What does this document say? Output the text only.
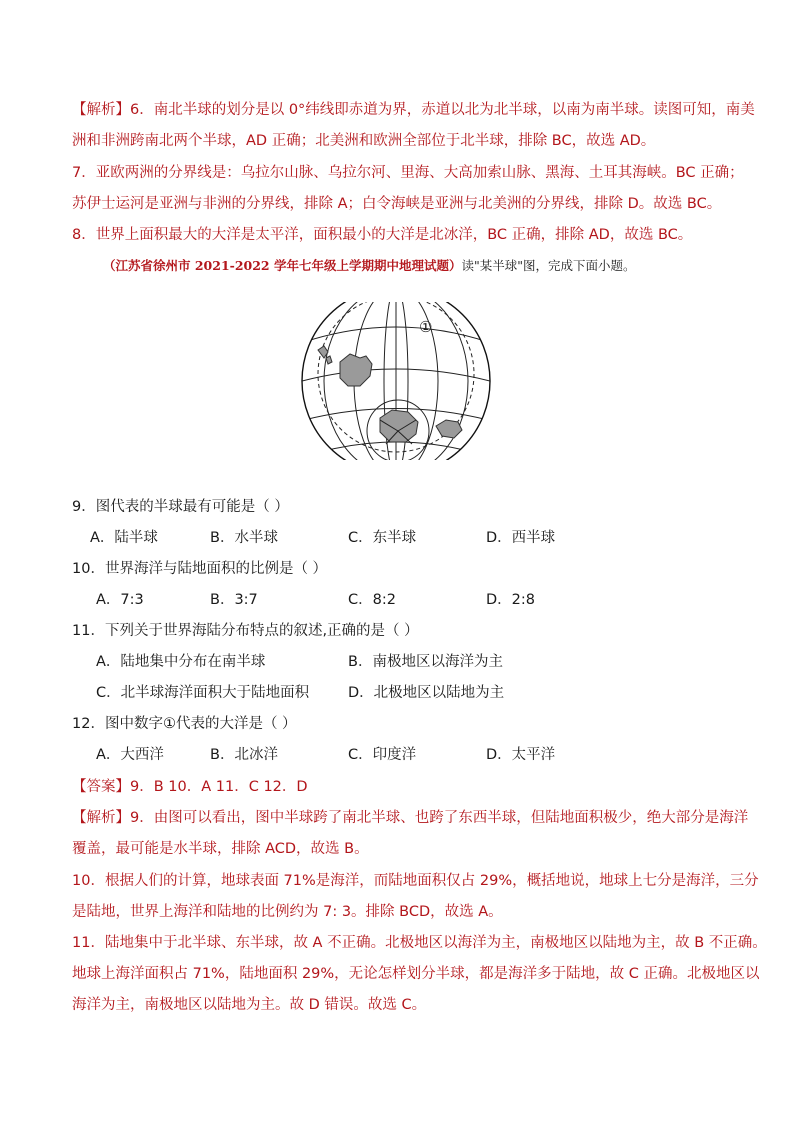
【解析】6．南北半球的划分是以 0°纬线即赤道为界，赤道以北为北半球，以南为南半球。读图可知，南美
洲和非洲跨南北两个半球，AD 正确；北美洲和欧洲全部位于北半球，排除 BC，故选 AD。
7．亚欧两洲的分界线是：乌拉尔山脉、乌拉尔河、里海、大高加索山脉、黑海、土耳其海峡。BC 正确；
苏伊士运河是亚洲与非洲的分界线，排除 A；白令海峡是亚洲与北美洲的分界线，排除 D。故选 BC。
8．世界上面积最大的大洋是太平洋，面积最小的大洋是北冰洋，BC 正确，排除 AD，故选 BC。
（江苏省徐州市 2021-2022 学年七年级上学期期中地理试题）读"某半球"图，完成下面小题。
①
9．图代表的半球最有可能是（ ）
A．陆半球	B．水半球	C．东半球	D．西半球
10．世界海洋与陆地面积的比例是（ ）
A．7:3	B．3:7	C．8:2	D．2:8
11．下列关于世界海陆分布特点的叙述,正确的是（ ）
A．陆地集中分布在南半球	B．南极地区以海洋为主
C．北半球海洋面积大于陆地面积	D．北极地区以陆地为主
12．图中数字①代表的大洋是（ ）
A．大西洋	B．北冰洋	C．印度洋	D．太平洋
【答案】9．B 10．A 11．C 12．D
【解析】9．由图可以看出，图中半球跨了南北半球、也跨了东西半球，但陆地面积极少，绝大部分是海洋
覆盖，最可能是水半球，排除 ACD，故选 B。
10．根据人们的计算，地球表面 71%是海洋，而陆地面积仅占 29%，概括地说，地球上七分是海洋，三分
是陆地，世界上海洋和陆地的比例约为 7: 3。排除 BCD，故选 A。
11．陆地集中于北半球、东半球，故 A 不正确。北极地区以海洋为主，南极地区以陆地为主，故 B 不正确。
地球上海洋面积占 71%，陆地面积 29%，无论怎样划分半球，都是海洋多于陆地，故 C 正确。北极地区以
海洋为主，南极地区以陆地为主。故 D 错误。故选 C。
